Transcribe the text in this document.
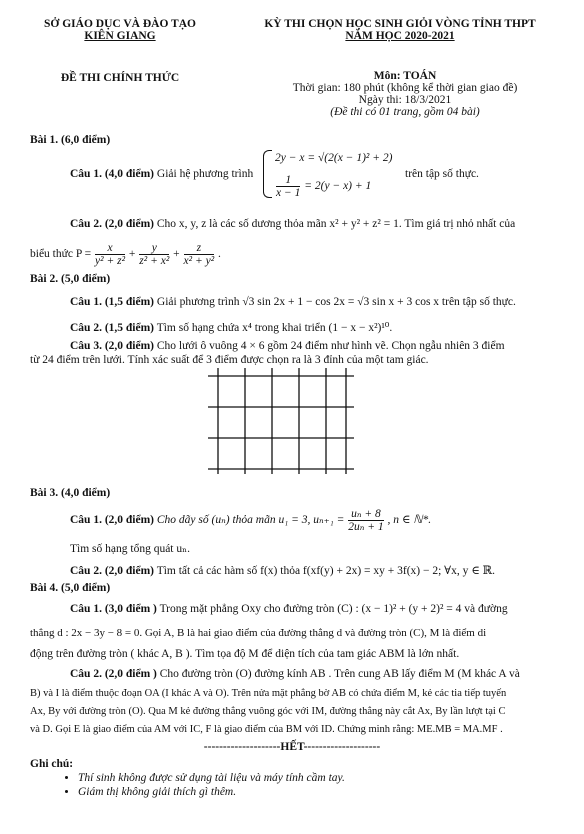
SỞ GIÁO DỤC VÀ ĐÀO TẠO
KIÊN GIANG
KỲ THI CHỌN HỌC SINH GIỎI VÒNG TỈNH THPT
NĂM HỌC 2020-2021
ĐỀ THI CHÍNH THỨC	Môn: TOÁN
Thời gian: 180 phút (không kể thời gian giao đề)
Ngày thi: 18/3/2021
(Đề thi có 01 trang, gồm 04 bài)
Bài 1. (6,0 điểm)
Câu 1. (4,0 điểm) Giải hệ phương trình
2y − x = √(2(x − 1)² + 2)
$\frac{1}{x - 1} = 2(y - x) + 1$
trên tập số thực.
Câu 2. (2,0 điểm) Cho x, y, z là các số dương thỏa mãn x² + y² + z² = 1. Tìm giá trị nhỏ nhất của
biểu thức $P = \frac{x}{\text{y² + z²}} + \frac{y}{\text{z² + x²}} + \frac{z}{\text{x² + y²}}$ .
Bài 2. (5,0 điểm)
Câu 1. (1,5 điểm) Giải phương trình √3 sin 2x + 1 − cos 2x = √3 sin x + 3 cos x trên tập số thực.
Câu 2. (1,5 điểm) Tìm số hạng chứa x⁴ trong khai triển (1 − x − x²)¹⁰.
Câu 3. (2,0 điểm) Cho lưới ô vuông 4 × 6 gồm 24 điểm như hình vẽ. Chọn ngẫu nhiên 3 điểm
từ 24 điểm trên lưới. Tính xác suất để 3 điểm được chọn ra là 3 đỉnh của một tam giác.
Bài 3. (4,0 điểm)
Câu 1. (2,0 điểm) Cho dãy số (uₙ) thỏa mãn u₁ = 3, $u_{n+1} = \frac{\text{uₙ + 8}}{\text{2uₙ + 1}}$ , n ∈ ℕ*.
Tìm số hạng tổng quát uₙ.
Câu 2. (2,0 điểm) Tìm tất cả các hàm số f(x) thỏa f(xf(y) + 2x) = xy + 3f(x) − 2; ∀x, y ∈ ℝ.
Bài 4. (5,0 điểm)
Câu 1. (3,0 điểm ) Trong mặt phẳng Oxy cho đường tròn (C) : (x − 1)² + (y + 2)² = 4 và đường
thẳng d : 2x − 3y − 8 = 0. Gọi A, B là hai giao điểm của đường thẳng d và đường tròn (C), M là điểm di
động trên đường tròn ( khác A, B ). Tìm tọa độ M để diện tích của tam giác ABM là lớn nhất.
Câu 2. (2,0 điểm ) Cho đường tròn (O) đường kính AB . Trên cung AB lấy điểm M (M khác A và
B) và I là điểm thuộc đoạn OA (I khác A và O). Trên nửa mặt phẳng bờ AB có chứa điểm M, kẻ các tia tiếp tuyến
Ax, By với đường tròn (O). Qua M kẻ đường thẳng vuông góc với IM, đường thẳng này cắt Ax, By lần lượt tại C
và D. Gọi E là giao điểm của AM với IC, F là giao điểm của BM với ID. Chứng minh rằng: ME.MB = MA.MF .
--------------------HẾT--------------------
Ghi chú:
• Thí sinh không được sử dụng tài liệu và máy tính cầm tay.
• Giám thị không giải thích gì thêm.
